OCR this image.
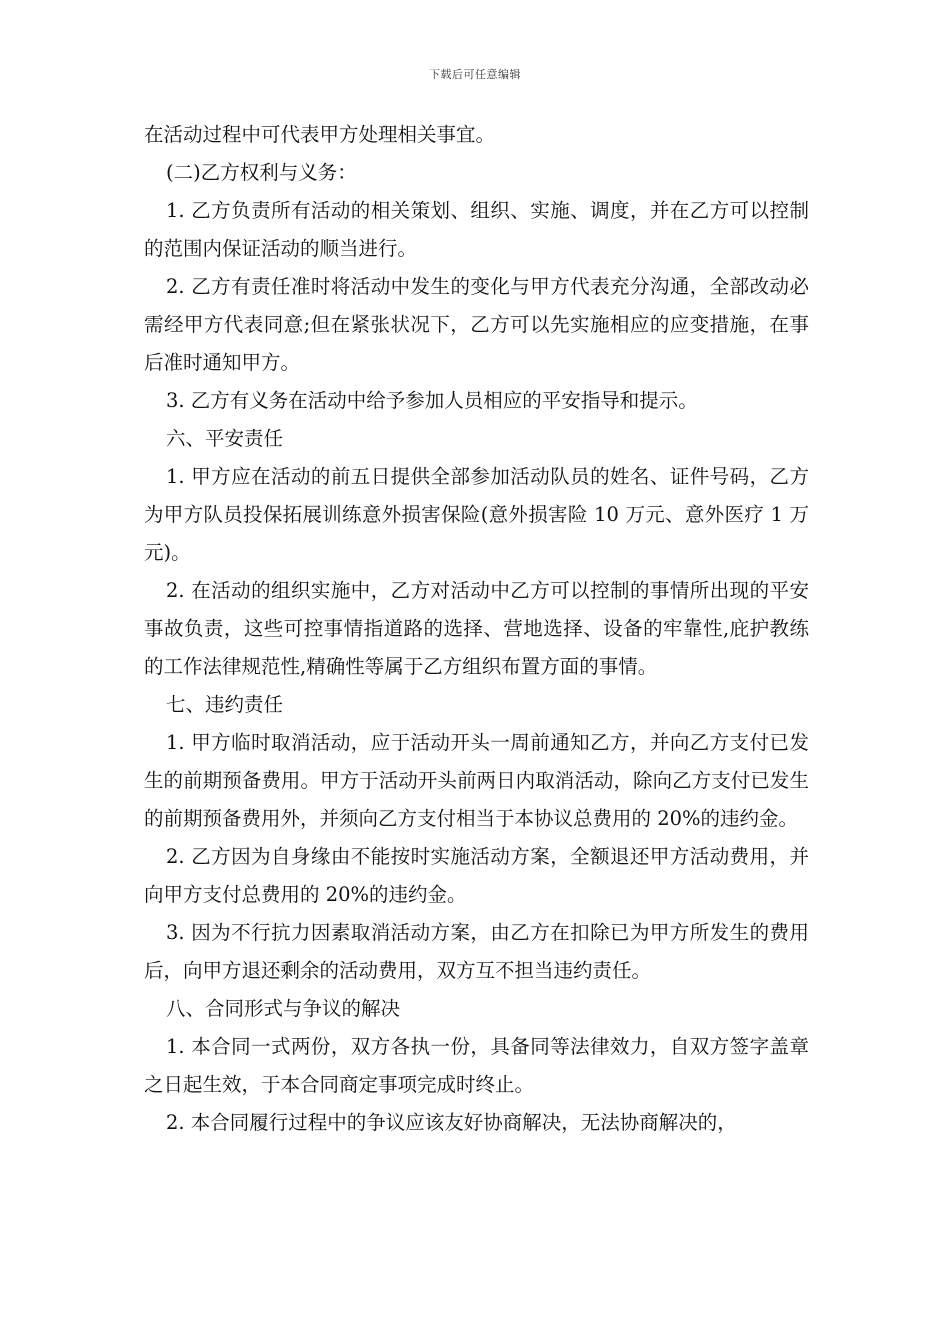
下载后可任意编辑

在活动过程中可代表甲方处理相关事宜。

(二)乙方权利与义务：

1. 乙方负责所有活动的相关策划、组织、实施、调度，并在乙方可以控制的范围内保证活动的顺当进行。

2. 乙方有责任准时将活动中发生的变化与甲方代表充分沟通，全部改动必需经甲方代表同意;但在紧张状况下，乙方可以先实施相应的应变措施，在事后准时通知甲方。

3. 乙方有义务在活动中给予参加人员相应的平安指导和提示。

六、平安责任

1. 甲方应在活动的前五日提供全部参加活动队员的姓名、证件号码，乙方为甲方队员投保拓展训练意外损害保险(意外损害险 10 万元、意外医疗 1 万元)。

2. 在活动的组织实施中，乙方对活动中乙方可以控制的事情所出现的平安事故负责，这些可控事情指道路的选择、营地选择、设备的牢靠性,庇护教练的工作法律规范性,精确性等属于乙方组织布置方面的事情。

七、违约责任

1. 甲方临时取消活动，应于活动开头一周前通知乙方，并向乙方支付已发生的前期预备费用。甲方于活动开头前两日内取消活动，除向乙方支付已发生的前期预备费用外，并须向乙方支付相当于本协议总费用的 20%的违约金。

2. 乙方因为自身缘由不能按时实施活动方案，全额退还甲方活动费用，并向甲方支付总费用的 20%的违约金。

3. 因为不行抗力因素取消活动方案，由乙方在扣除已为甲方所发生的费用后，向甲方退还剩余的活动费用，双方互不担当违约责任。

八、合同形式与争议的解决

1. 本合同一式两份，双方各执一份，具备同等法律效力，自双方签字盖章之日起生效，于本合同商定事项完成时终止。

2. 本合同履行过程中的争议应该友好协商解决，无法协商解决的，
